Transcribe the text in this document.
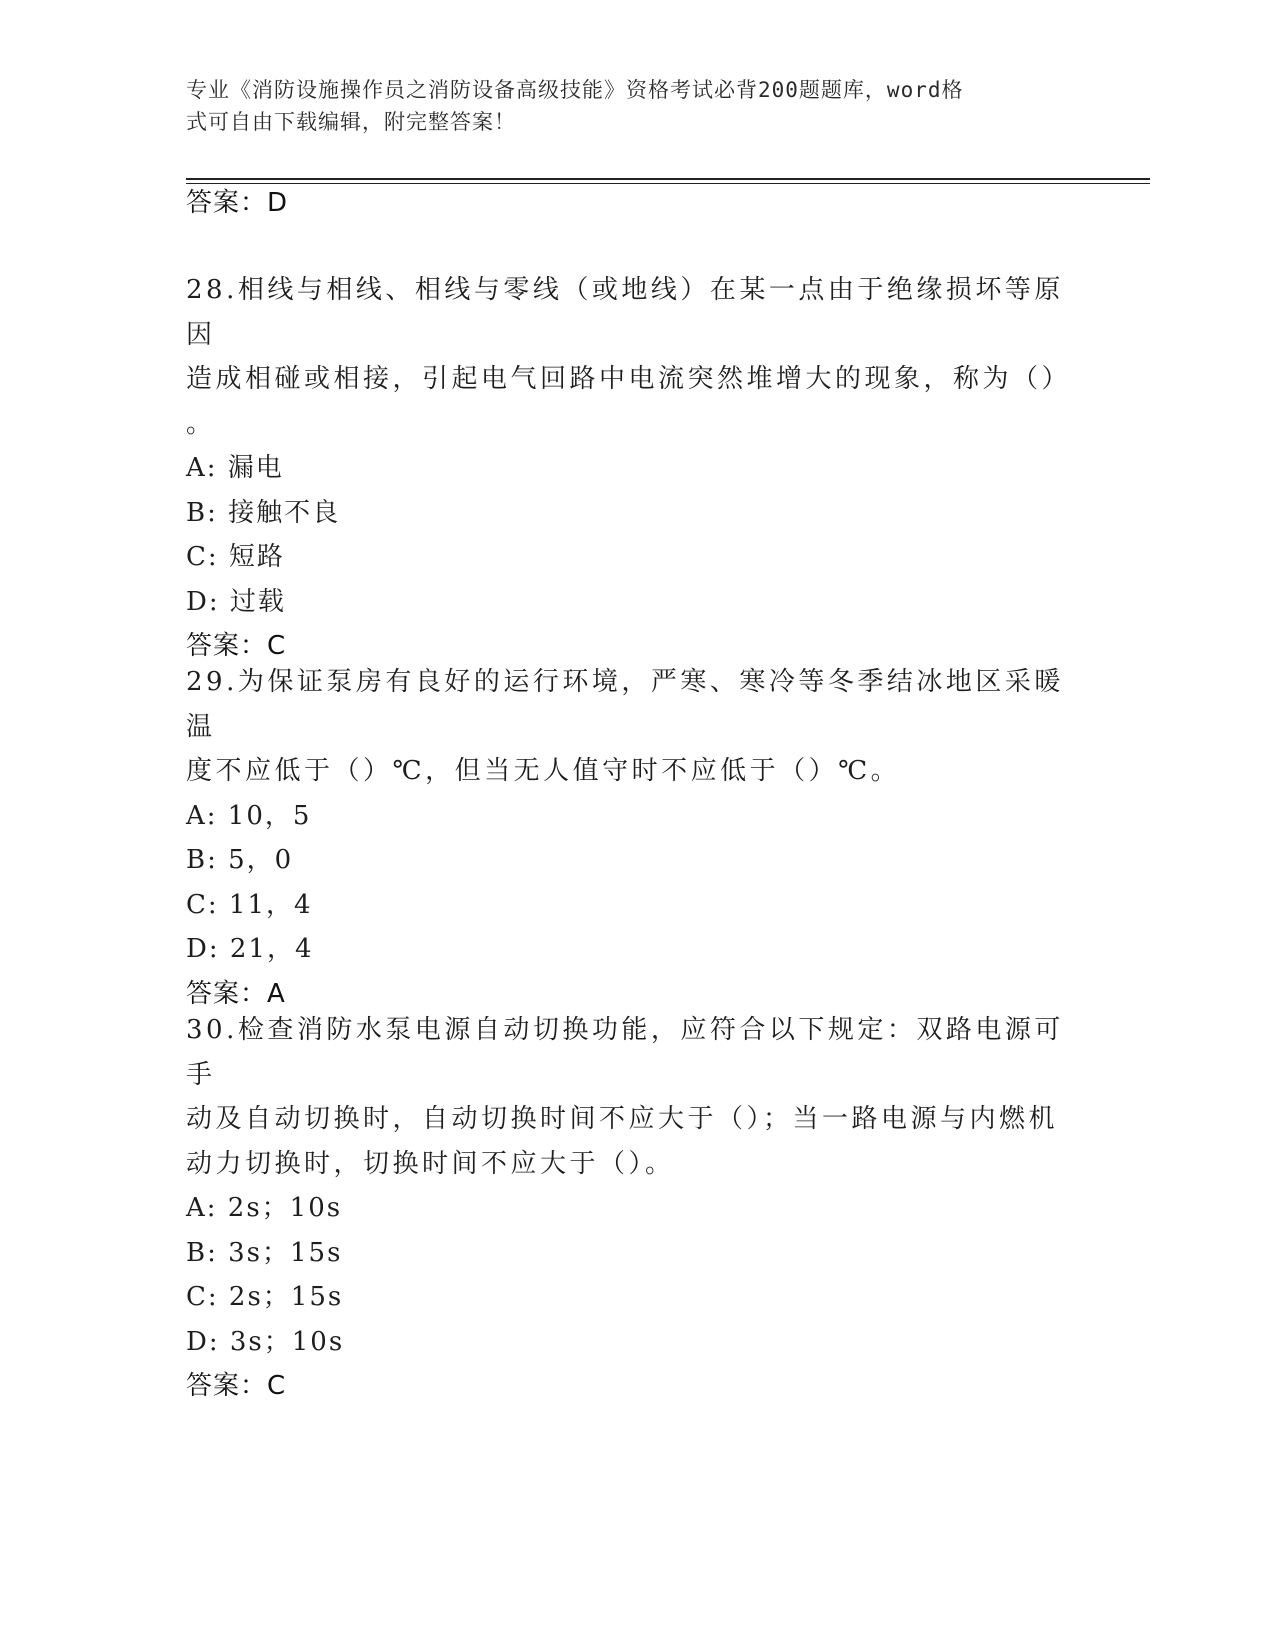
专业《消防设施操作员之消防设备高级技能》资格考试必背200题题库，word格
式可自由下载编辑，附完整答案！

答案：D

28.相线与相线、相线与零线（或地线）在某一点由于绝缘损坏等原因

造成相碰或相接，引起电气回路中电流突然堆增大的现象，称为（）

。

A: 漏电

B: 接触不良

C: 短路

D: 过载

答案：C

29.为保证泵房有良好的运行环境，严寒、寒冷等冬季结冰地区采暖温

度不应低于（）℃，但当无人值守时不应低于（）℃。

A: 10，5

B: 5，0

C: 11，4

D: 21，4

答案：A

30.检查消防水泵电源自动切换功能，应符合以下规定：双路电源可手

动及自动切换时，自动切换时间不应大于（）；当一路电源与内燃机

动力切换时，切换时间不应大于（）。

A: 2s；10s

B: 3s；15s

C: 2s；15s

D: 3s；10s

答案：C
